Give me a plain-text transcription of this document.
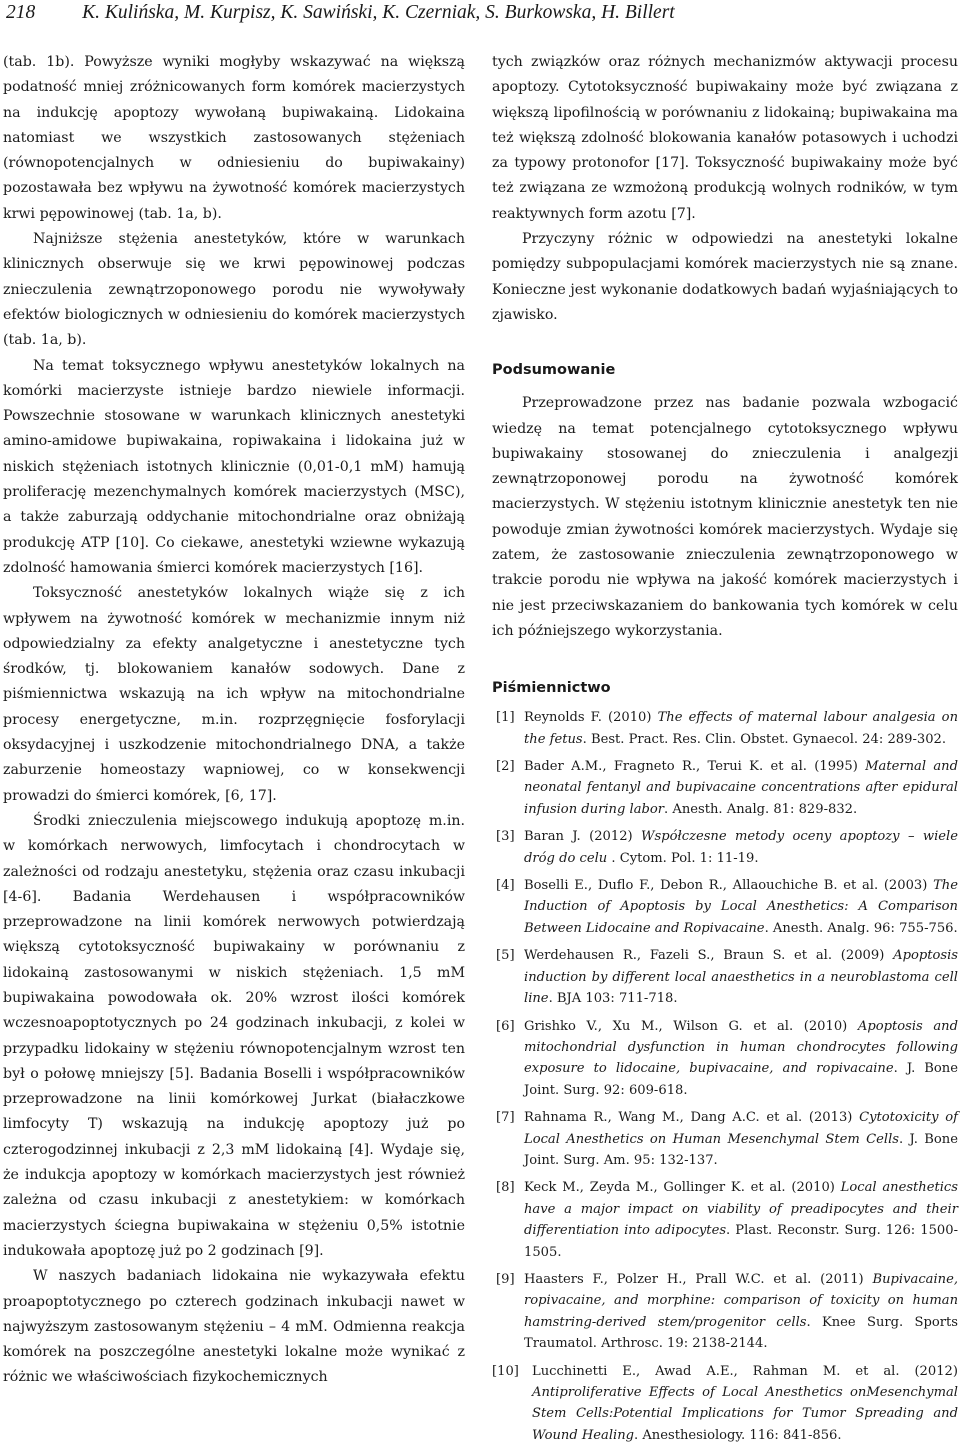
218 K. Kulińska, M. Kurpisz, K. Sawiński, K. Czerniak, S. Burkowska, H. Billert

(tab. 1b). Powyższe wyniki mogłyby wskazywać na większą podatność mniej zróżnicowanych form komórek macierzystych na indukcję apoptozy wywołaną bupiwakainą. Lidokaina natomiast we wszystkich zastosowanych stężeniach (równopotencjalnych w odniesieniu do bupiwakainy) pozostawała bez wpływu na żywotność komórek macierzystych krwi pępowinowej (tab. 1a, b).

Najniższe stężenia anestetyków, które w warunkach klinicznych obserwuje się we krwi pępowinowej podczas znieczulenia zewnątrzoponowego porodu nie wywoływały efektów biologicznych w odniesieniu do komórek macierzystych (tab. 1a, b).

Na temat toksycznego wpływu anestetyków lokalnych na komórki macierzyste istnieje bardzo niewiele informacji. Powszechnie stosowane w warunkach klinicznych anestetyki amino-amidowe bupiwakaina, ropiwakaina i lidokaina już w niskich stężeniach istotnych klinicznie (0,01-0,1 mM) hamują proliferację mezenchymalnych komórek macierzystych (MSC), a także zaburzają oddychanie mitochondrialne oraz obniżają produkcję ATP [10]. Co ciekawe, anestetyki wziewne wykazują zdolność hamowania śmierci komórek macierzystych [16].

Toksyczność anestetyków lokalnych wiąże się z ich wpływem na żywotność komórek w mechanizmie innym niż odpowiedzialny za efekty analgetyczne i anestetyczne tych środków, tj. blokowaniem kanałów sodowych. Dane z piśmiennictwa wskazują na ich wpływ na mitochondrialne procesy energetyczne, m.in. rozprzęgnięcie fosforylacji oksydacyjnej i uszkodzenie mitochondrialnego DNA, a także zaburzenie homeostazy wapniowej, co w konsekwencji prowadzi do śmierci komórek, [6, 17].

Środki znieczulenia miejscowego indukują apoptozę m.in. w komórkach nerwowych, limfocytach i chondrocytach w zależności od rodzaju anestetyku, stężenia oraz czasu inkubacji [4-6]. Badania Werdehausen i współpracowników przeprowadzone na linii komórek nerwowych potwierdzają większą cytotoksyczność bupiwakainy w porównaniu z lidokainą zastosowanymi w niskich stężeniach. 1,5 mM bupiwakaina powodowała ok. 20% wzrost ilości komórek wczesnoapoptotycznych po 24 godzinach inkubacji, z kolei w przypadku lidokainy w stężeniu równopotencjalnym wzrost ten był o połowę mniejszy [5]. Badania Boselli i współpracowników przeprowadzone na linii komórkowej Jurkat (białaczkowe limfocyty T) wskazują na indukcję apoptozy już po czterogodzinnej inkubacji z 2,3 mM lidokainą [4]. Wydaje się, że indukcja apoptozy w komórkach macierzystych jest również zależna od czasu inkubacji z anestetykiem: w komórkach macierzystych ściegna bupiwakaina w stężeniu 0,5% istotnie indukowała apoptozę już po 2 godzinach [9].

W naszych badaniach lidokaina nie wykazywała efektu proapoptotycznego po czterech godzinach inkubacji nawet w najwyższym zastosowanym stężeniu – 4 mM. Odmienna reakcja komórek na poszczególne anestetyki lokalne może wynikać z różnic we właściwościach fizykochemicznych

tych związków oraz różnych mechanizmów aktywacji procesu apoptozy. Cytotoksyczność bupiwakainy może być związana z większą lipofilnością w porównaniu z lidokainą; bupiwakaina ma też większą zdolność blokowania kanałów potasowych i uchodzi za typowy protonofor [17]. Toksyczność bupiwakainy może być też związana ze wzmożoną produkcją wolnych rodników, w tym reaktywnych form azotu [7].

Przyczyny różnic w odpowiedzi na anestetyki lokalne pomiędzy subpopulacjami komórek macierzystych nie są znane. Konieczne jest wykonanie dodatkowych badań wyjaśniających to zjawisko.

Podsumowanie

Przeprowadzone przez nas badanie pozwala wzbogacić wiedzę na temat potencjalnego cytotoksycznego wpływu bupiwakainy stosowanej do znieczulenia i analgezji zewnątrzoponowej porodu na żywotność komórek macierzystych. W stężeniu istotnym klinicznie anestetyk ten nie powoduje zmian żywotności komórek macierzystych. Wydaje się zatem, że zastosowanie znieczulenia zewnątrzoponowego w trakcie porodu nie wpływa na jakość komórek macierzystych i nie jest przeciwskazaniem do bankowania tych komórek w celu ich późniejszego wykorzystania.

Piśmiennictwo
[1] Reynolds F. (2010) The effects of maternal labour analgesia on the fetus. Best. Pract. Res. Clin. Obstet. Gynaecol. 24: 289-302.
[2] Bader A.M., Fragneto R., Terui K. et al. (1995) Maternal and neonatal fentanyl and bupivacaine concentrations after epidural infusion during labor. Anesth. Analg. 81: 829-832.
[3] Baran J. (2012) Współczesne metody oceny apoptozy – wiele dróg do celu . Cytom. Pol. 1: 11-19.
[4] Boselli E., Duflo F., Debon R., Allaouchiche B. et al. (2003) The Induction of Apoptosis by Local Anesthetics: A Comparison Between Lidocaine and Ropivacaine. Anesth. Analg. 96: 755-756.
[5] Werdehausen R., Fazeli S., Braun S. et al. (2009) Apoptosis induction by different local anaesthetics in a neuroblastoma cell line. BJA 103: 711-718.
[6] Grishko V., Xu M., Wilson G. et al. (2010) Apoptosis and mitochondrial dysfunction in human chondrocytes following exposure to lidocaine, bupivacaine, and ropivacaine. J. Bone Joint. Surg. 92: 609-618.
[7] Rahnama R., Wang M., Dang A.C. et al. (2013) Cytotoxicity of Local Anesthetics on Human Mesenchymal Stem Cells. J. Bone Joint. Surg. Am. 95: 132-137.
[8] Keck M., Zeyda M., Gollinger K. et al. (2010) Local anesthetics have a major impact on viability of preadipocytes and their differentiation into adipocytes. Plast. Reconstr. Surg. 126: 1500-1505.
[9] Haasters F., Polzer H., Prall W.C. et al. (2011) Bupivacaine, ropivacaine, and morphine: comparison of toxicity on human hamstring-derived stem/progenitor cells. Knee Surg. Sports Traumatol. Arthrosc. 19: 2138-2144.
[10] Lucchinetti E., Awad A.E., Rahman M. et al. (2012) Antiproliferative Effects of Local Anesthetics onMesenchymal Stem Cells:Potential Implications for Tumor Spreading and Wound Healing. Anesthesiology. 116: 841-856.
